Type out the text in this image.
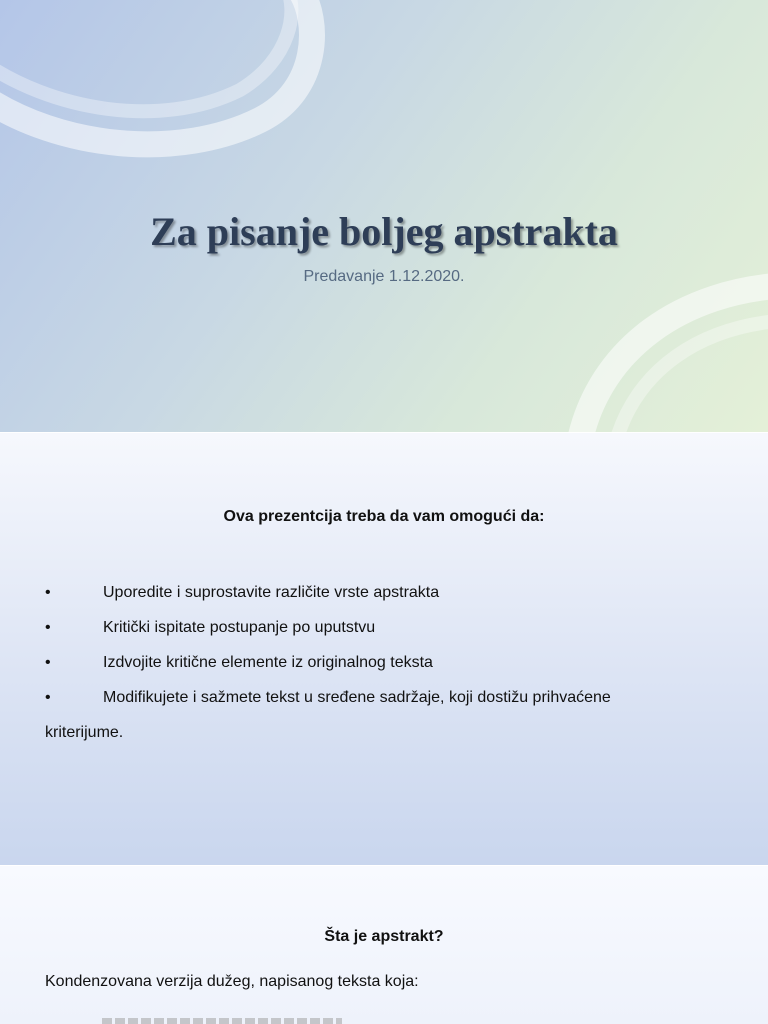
Za pisanje boljeg apstrakta

Predavanje 1.12.2020.

Ova prezentcija treba da vam omogući da:
•	Uporedite i suprostavite različite vrste apstrakta
•	Kritički ispitate postupanje po uputstvu
•	Izdvojite kritične elemente iz originalnog teksta
•	Modifikujete i sažmete tekst u sređene sadržaje, koji dostižu prihvaćene
kriterijume.
Šta je apstrakt?
Kondenzovana verzija dužeg, napisanog teksta koja:
